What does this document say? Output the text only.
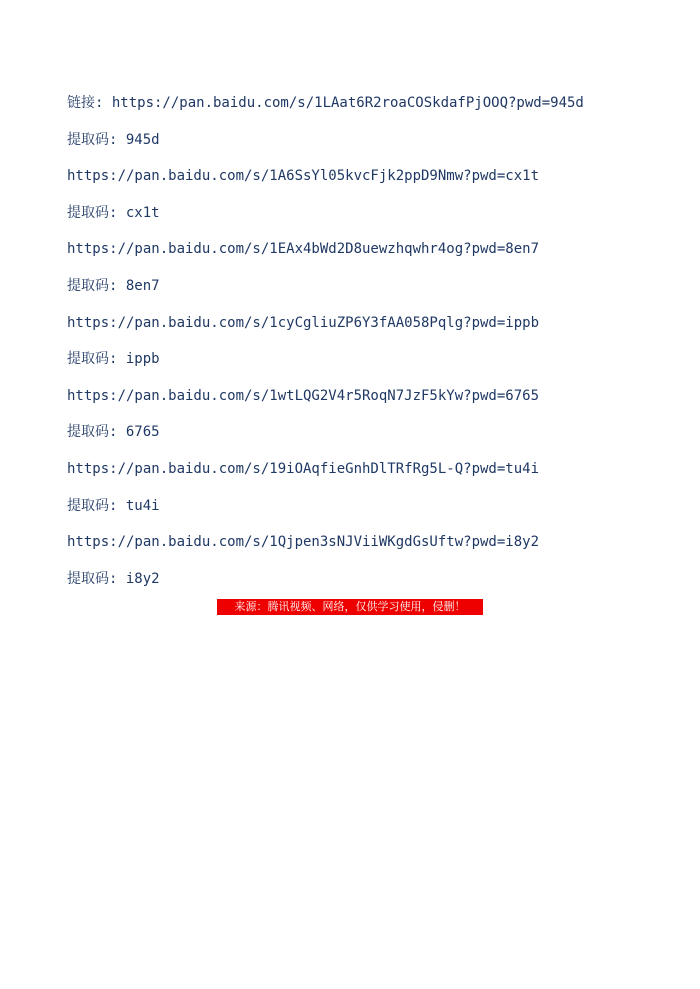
链接: https://pan.baidu.com/s/1LAat6R2roaCOSkdafPjOOQ?pwd=945d
提取码: 945d
https://pan.baidu.com/s/1A6SsYl05kvcFjk2ppD9Nmw?pwd=cx1t
提取码: cx1t
https://pan.baidu.com/s/1EAx4bWd2D8uewzhqwhr4og?pwd=8en7
提取码: 8en7
https://pan.baidu.com/s/1cyCgliuZP6Y3fAA058Pqlg?pwd=ippb
提取码: ippb
https://pan.baidu.com/s/1wtLQG2V4r5RoqN7JzF5kYw?pwd=6765
提取码: 6765
https://pan.baidu.com/s/19iOAqfieGnhDlTRfRg5L-Q?pwd=tu4i
提取码: tu4i
https://pan.baidu.com/s/1Qjpen3sNJViiWKgdGsUftw?pwd=i8y2
提取码: i8y2
来源：腾讯视频、网络，仅供学习使用，侵删！
